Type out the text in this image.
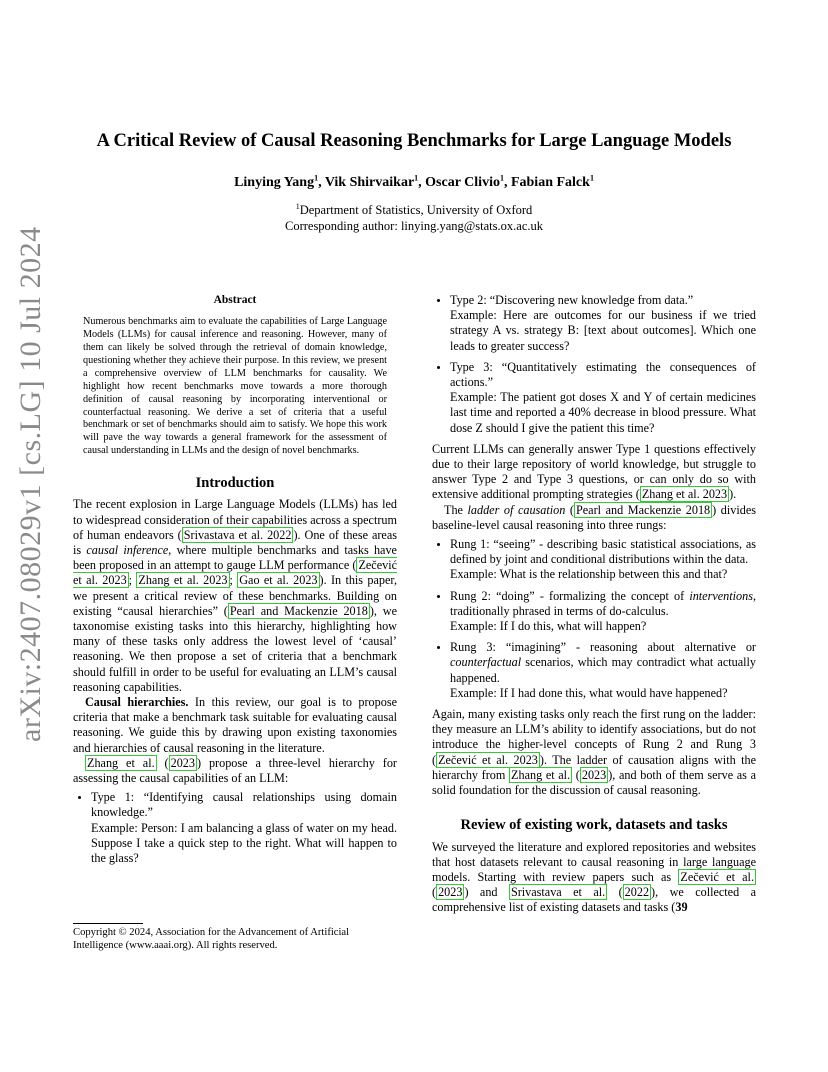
arXiv:2407.08029v1 [cs.LG] 10 Jul 2024
A Critical Review of Causal Reasoning Benchmarks for Large Language Models
Linying Yang$^1$, Vik Shirvaikar$^1$, Oscar Clivio$^1$, Fabian Falck$^1$
$^1$Department of Statistics, University of Oxford
Corresponding author: linying.yang@stats.ox.ac.uk
Abstract
Numerous benchmarks aim to evaluate the capabilities of Large Language Models (LLMs) for causal inference and reasoning. However, many of them can likely be solved through the retrieval of domain knowledge, questioning whether they achieve their purpose. In this review, we present a comprehensive overview of LLM benchmarks for causality. We highlight how recent benchmarks move towards a more thorough definition of causal reasoning by incorporating interventional or counterfactual reasoning. We derive a set of criteria that a useful benchmark or set of benchmarks should aim to satisfy. We hope this work will pave the way towards a general framework for the assessment of causal understanding in LLMs and the design of novel benchmarks.
Introduction

The recent explosion in Large Language Models (LLMs) has led to widespread consideration of their capabilities across a spectrum of human endeavors ( Srivastava et al. 2022 ). One of these areas is causal inference, where multiple benchmarks and tasks have been proposed in an attempt to gauge LLM performance ( Zečević et al. 2023 ; Zhang et al. 2023 ; Gao et al. 2023 ). In this paper, we present a critical review of these benchmarks. Building on existing “causal hierarchies” ( Pearl and Mackenzie 2018 ), we taxonomise existing tasks into this hierarchy, highlighting how many of these tasks only address the lowest level of ‘causal’ reasoning. We then propose a set of criteria that a benchmark should fulfill in order to be useful for evaluating an LLM’s causal reasoning capabilities.

Causal hierarchies. In this review, our goal is to propose criteria that make a benchmark task suitable for evaluating causal reasoning. We guide this by drawing upon existing taxonomies and hierarchies of causal reasoning in the literature.

Zhang et al. ( 2023 ) propose a three-level hierarchy for assessing the causal capabilities of an LLM:

• Type 1: “Identifying causal relationships using domain knowledge.”
Example: Person: I am balancing a glass of water on my head. Suppose I take a quick step to the right. What will happen to the glass?
Copyright © 2024, Association for the Advancement of Artificial Intelligence (www.aaai.org). All rights reserved.
• Type 2: “Discovering new knowledge from data.”
Example: Here are outcomes for our business if we tried strategy A vs. strategy B: [text about outcomes]. Which one leads to greater success?
• Type 3: “Quantitatively estimating the consequences of actions.”
Example: The patient got doses X and Y of certain medicines last time and reported a 40% decrease in blood pressure. What dose Z should I give the patient this time?

Current LLMs can generally answer Type 1 questions effectively due to their large repository of world knowledge, but struggle to answer Type 2 and Type 3 questions, or can only do so with extensive additional prompting strategies ( Zhang et al. 2023 ).

The ladder of causation ( Pearl and Mackenzie 2018 ) divides baseline-level causal reasoning into three rungs:

• Rung 1: “seeing” - describing basic statistical associations, as defined by joint and conditional distributions within the data.
Example: What is the relationship between this and that?
• Rung 2: “doing” - formalizing the concept of interventions, traditionally phrased in terms of do-calculus.
Example: If I do this, what will happen?
• Rung 3: “imagining” - reasoning about alternative or counterfactual scenarios, which may contradict what actually happened.
Example: If I had done this, what would have happened?

Again, many existing tasks only reach the first rung on the ladder: they measure an LLM’s ability to identify associations, but do not introduce the higher-level concepts of Rung 2 and Rung 3 ( Zečević et al. 2023 ). The ladder of causation aligns with the hierarchy from Zhang et al. ( 2023 ), and both of them serve as a solid foundation for the discussion of causal reasoning.

Review of existing work, datasets and tasks

We surveyed the literature and explored repositories and websites that host datasets relevant to causal reasoning in large language models. Starting with review papers such as Zečević et al. ( 2023 ) and Srivastava et al. ( 2022 ), we collected a comprehensive list of existing datasets and tasks (39
